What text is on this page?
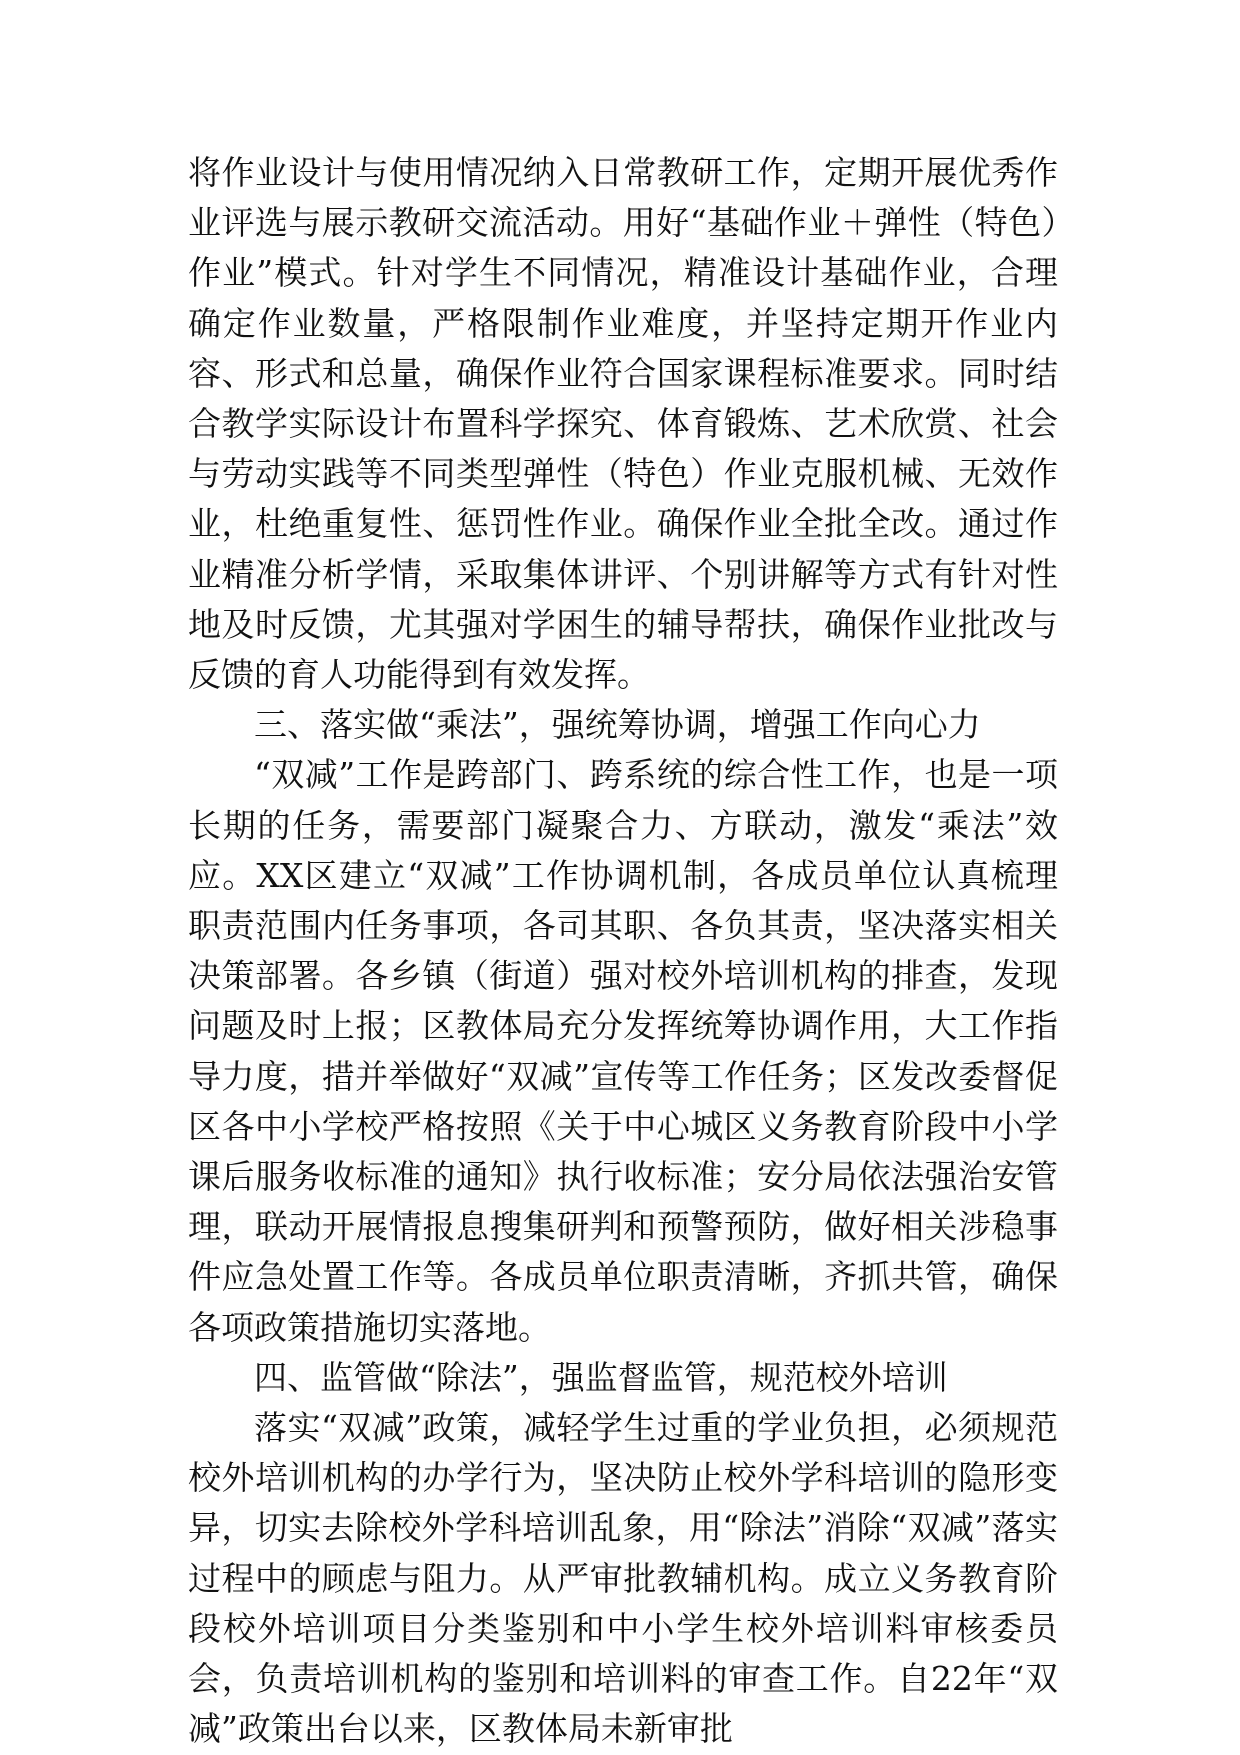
将作业设计与使用情况纳入日常教研工作，定期开展优秀作业评选与展示教研交流活动。用好“基础作业＋弹性（特色）作业”模式。针对学生不同情况，精准设计基础作业，合理确定作业数量，严格限制作业难度，并坚持定期开作业内容、形式和总量，确保作业符合国家课程标准要求。同时结合教学实际设计布置科学探究、体育锻炼、艺术欣赏、社会与劳动实践等不同类型弹性（特色）作业克服机械、无效作业，杜绝重复性、惩罚性作业。确保作业全批全改。通过作业精准分析学情，采取集体讲评、个别讲解等方式有针对性地及时反馈，尤其强对学困生的辅导帮扶，确保作业批改与反馈的育人功能得到有效发挥。

三、落实做“乘法”，强统筹协调，增强工作向心力

“双减”工作是跨部门、跨系统的综合性工作，也是一项长期的任务，需要部门凝聚合力、方联动，激发“乘法”效应。XX区建立“双减”工作协调机制，各成员单位认真梳理职责范围内任务事项，各司其职、各负其责，坚决落实相关决策部署。各乡镇（街道）强对校外培训机构的排查，发现问题及时上报；区教体局充分发挥统筹协调作用，大工作指导力度，措并举做好“双减”宣传等工作任务；区发改委督促区各中小学校严格按照《关于中心城区义务教育阶段中小学课后服务收标准的通知》执行收标准；安分局依法强治安管理，联动开展情报息搜集研判和预警预防，做好相关涉稳事件应急处置工作等。各成员单位职责清晰，齐抓共管，确保各项政策措施切实落地。

四、监管做“除法”，强监督监管，规范校外培训

落实“双减”政策，减轻学生过重的学业负担，必须规范校外培训机构的办学行为，坚决防止校外学科培训的隐形变异，切实去除校外学科培训乱象，用“除法”消除“双减”落实过程中的顾虑与阻力。从严审批教辅机构。成立义务教育阶段校外培训项目分类鉴别和中小学生校外培训料审核委员会，负责培训机构的鉴别和培训料的审查工作。自22年“双减”政策出台以来，区教体局未新审批
